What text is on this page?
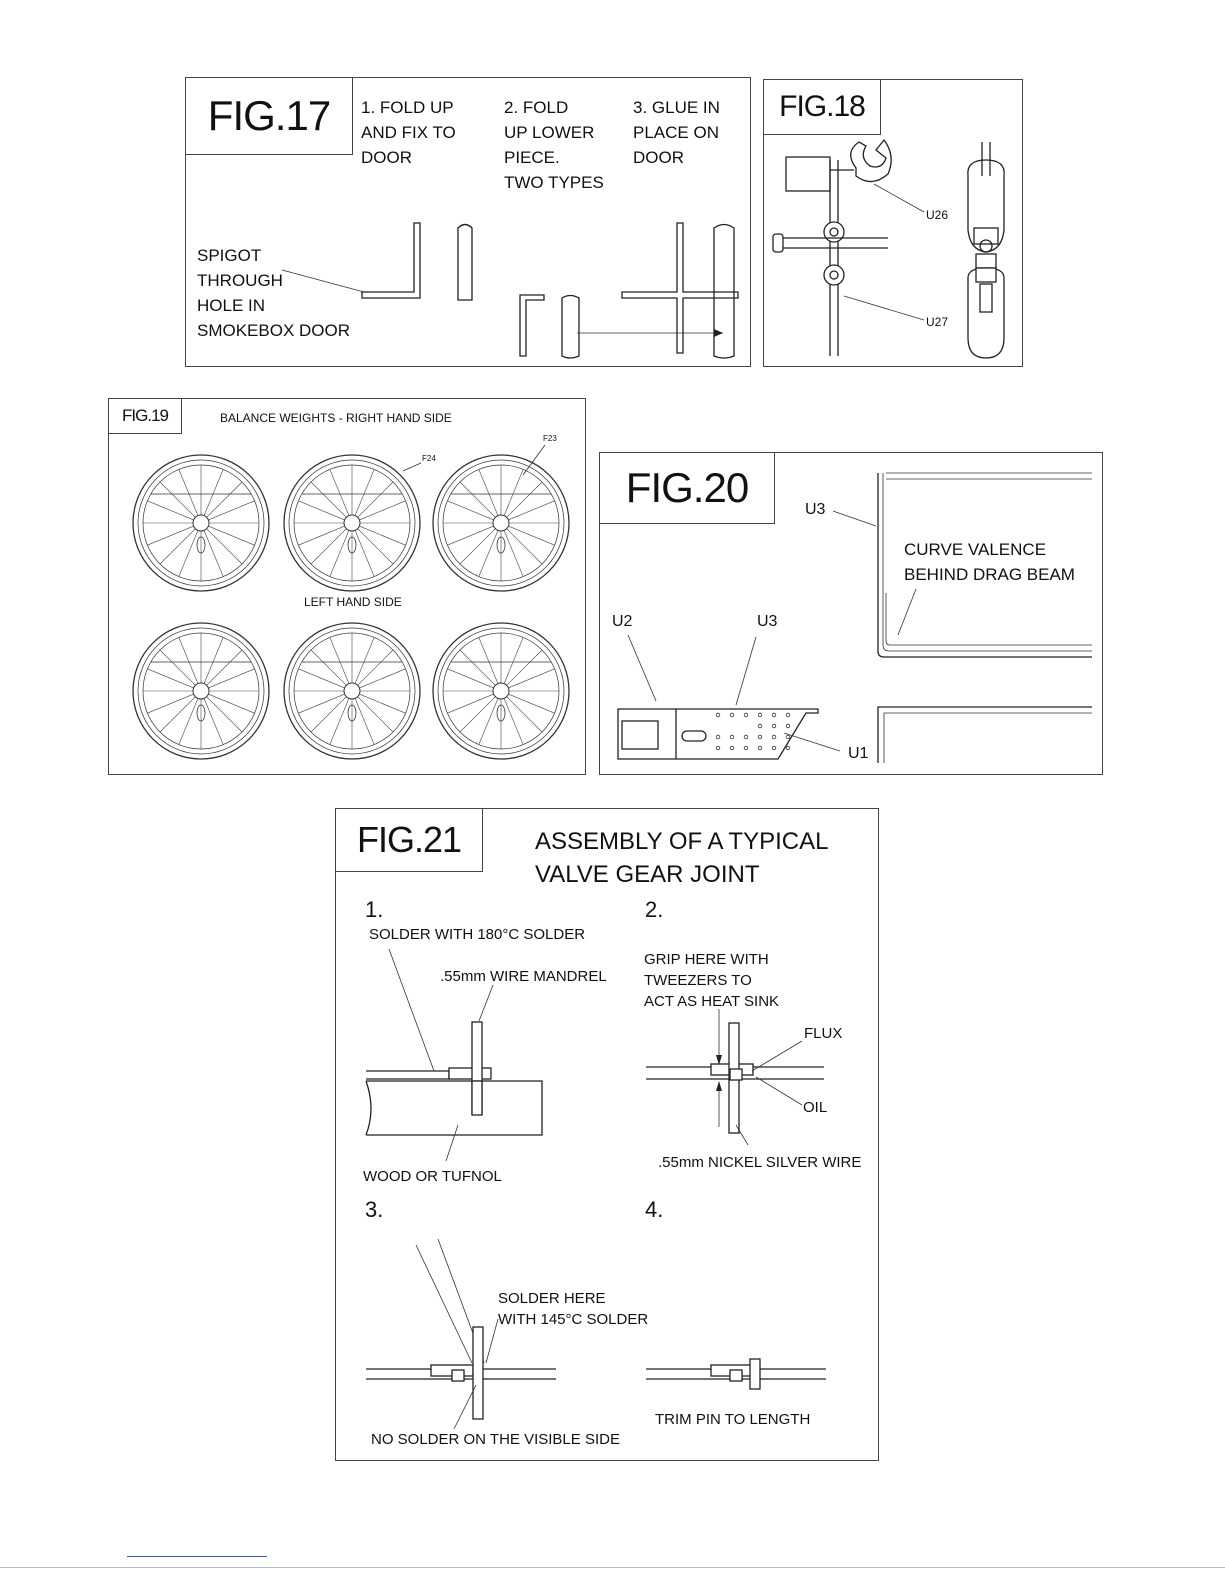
FIG.17 1. FOLD UP
AND FIX TO
DOOR
2. FOLD
UP LOWER
PIECE.
TWO TYPES
3. GLUE IN
PLACE ON
DOOR
SPIGOT
THROUGH
HOLE IN
SMOKEBOX DOOR
FIG.18
U26
U27
FIG.19	BALANCE WEIGHTS - RIGHT HAND SIDE
F24
F23
LEFT HAND SIDE
FIG.20	U3
CURVE VALENCE
BEHIND DRAG BEAM
U2	U3
U1
FIG.21	ASSEMBLY OF A TYPICAL
VALVE GEAR JOINT
1.
SOLDER WITH 180°C SOLDER
.55mm WIRE MANDREL
WOOD OR TUFNOL
2.
GRIP HERE WITH
TWEEZERS TO
ACT AS HEAT SINK
FLUX
OIL
.55mm NICKEL SILVER WIRE
3.
SOLDER HERE
WITH 145°C SOLDER
NO SOLDER ON THE VISIBLE SIDE
4.
TRIM PIN TO LENGTH
